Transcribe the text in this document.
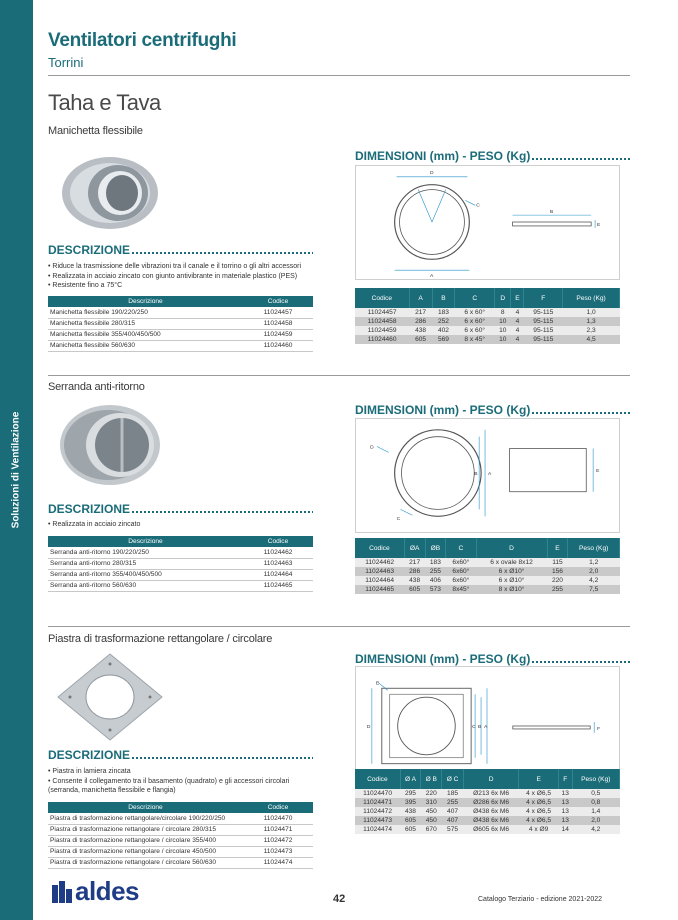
Soluzioni di Ventilazione
Ventilatori centrifughi
Torrini
Taha e Tava
Manichetta flessibile
DESCRIZIONE
• Riduce la trasmissione delle vibrazioni tra il canale e il torrino o gli altri accessori
• Realizzata in acciaio zincato con giunto antivibrante in materiale plastico (PES)
• Resistente fino a 75°C
Descrizione	Codice
Manichetta flessibile 190/220/250	11024457
Manichetta flessibile 280/315	11024458
Manichetta flessibile 355/400/450/500	11024459
Manichetta flessibile 560/630	11024460
DIMENSIONI (mm) - PESO (Kg)
D
C
A
B
E
Codice	A	B	C	D	E	F	Peso (Kg)
11024457	217	183	6 x 60°	8	4	95-115	1,0
11024458	286	252	6 x 60°	10	4	95-115	1,3
11024459	438	402	6 x 60°	10	4	95-115	2,3
11024460	605	569	8 x 45°	10	4	95-115	4,5
Serranda anti-ritorno
DESCRIZIONE
• Realizzata in acciaio zincato
Descrizione	Codice
Serranda anti-ritorno 190/220/250	11024462
Serranda anti-ritorno 280/315	11024463
Serranda anti-ritorno 355/400/450/500	11024464
Serranda anti-ritorno 560/630	11024465
DIMENSIONI (mm) - PESO (Kg)
D
B A
C
E
Codice	ØA	ØB	C	D	E	Peso (Kg)
11024462	217	183	6x60°	6 x ovale 8x12	115	1,2
11024463	286	255	6x60°	6 x Ø10°	156	2,0
11024464	438	406	6x60°	6 x Ø10°	220	4,2
11024465	605	573	8x45°	8 x Ø10°	255	7,5
Piastra di trasformazione rettangolare / circolare
DESCRIZIONE
• Piastra in lamiera zincata
• Consente il collegamento tra il basamento (quadrato) e gli accessori circolari (serranda, manichetta flessibile e flangia)
Descrizione	Codice
Piastra di trasformazione rettangolare/circolare 190/220/250	11024470
Piastra di trasformazione rettangolare / circolare 280/315	11024471
Piastra di trasformazione rettangolare / circolare 355/400	11024472
Piastra di trasformazione rettangolare / circolare 450/500	11024473
Piastra di trasformazione rettangolare / circolare 560/630	11024474
DIMENSIONI (mm) - PESO (Kg)
E
D	C B A	F
Codice	Ø A	Ø B	Ø C	D	E	F	Peso (Kg)
11024470	295	220	185	Ø213 6x M6	4 x Ø6,5	13	0,5
11024471	395	310	255	Ø286 6x M6	4 x Ø6,5	13	0,8
11024472	438	450	407	Ø438 6x M6	4 x Ø6,5	13	1,4
11024473	605	450	407	Ø438 6x M6	4 x Ø6,5	13	2,0
11024474	605	670	575	Ø605 6x M6	4 x Ø9	14	4,2
aldes	42	Catalogo Terziario - edizione 2021-2022
